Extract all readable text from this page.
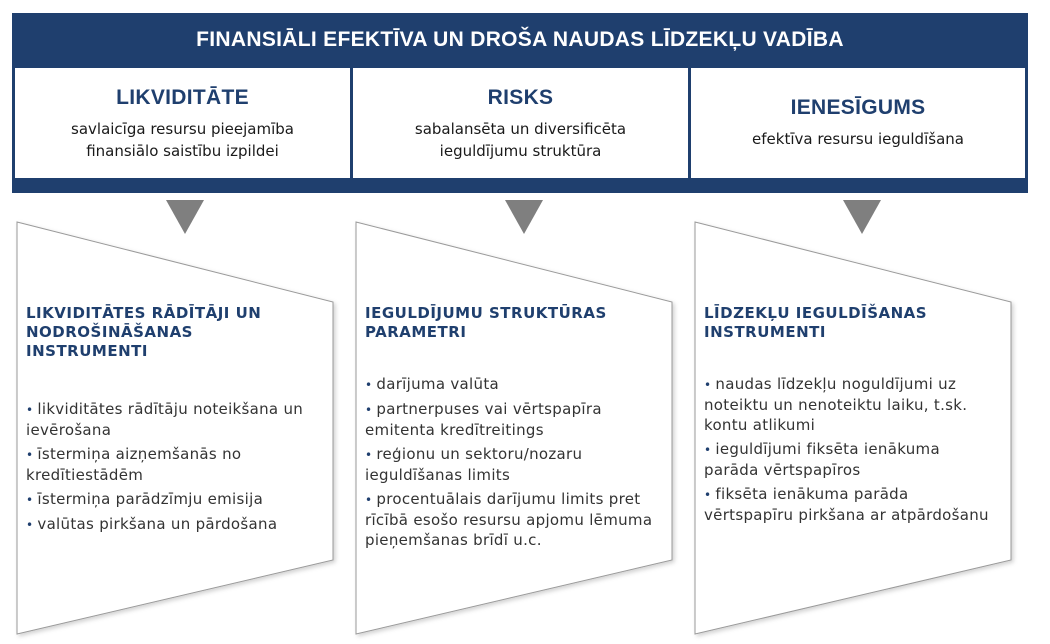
FINANSIĀLI EFEKTĪVA UN DROŠA NAUDAS LĪDZEKĻU VADĪBA
LIKVIDITĀTE
savlaicīga resursu pieejamība
finansiālo saistību izpildei
RISKS
sabalansēta un diversificēta
ieguldījumu struktūra
IENESĪGUMS
efektīva resursu ieguldīšana
LIKVIDITĀTES RĀDĪTĀJI UN
NODROŠINĀŠANAS
INSTRUMENTI
• likviditātes rādītāju noteikšana un ievērošana
• īstermiņa aizņemšanās no kredītiestādēm
• īstermiņa parādzīmju emisija
• valūtas pirkšana un pārdošana
IEGULDĪJUMU STRUKTŪRAS
PARAMETRI
• darījuma valūta
• partnerpuses vai vērtspapīra emitenta kredītreitings
• reģionu un sektoru/nozaru ieguldīšanas limits
• procentuālais darījumu limits pret rīcībā esošo resursu apjomu lēmuma pieņemšanas brīdī u.c.
LĪDZEKĻU IEGULDĪŠANAS
INSTRUMENTI
• naudas līdzekļu noguldījumi uz noteiktu un nenoteiktu laiku, t.sk. kontu atlikumi
• ieguldījumi fiksēta ienākuma parāda vērtspapīros
• fiksēta ienākuma parāda vērtspapīru pirkšana ar atpārdošanu
